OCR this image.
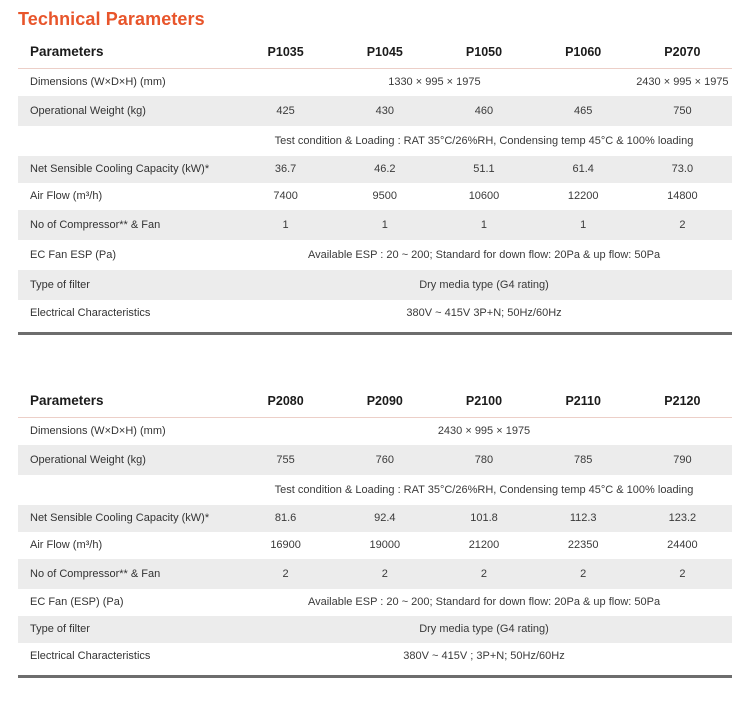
Technical Parameters
Parameters	P1035	P1045	P1050	P1060	P2070
Dimensions (W×D×H) (mm)	1330 × 995 × 1975				2430 × 995 × 1975
Operational Weight (kg)	425	430	460	465	750
	Test condition & Loading : RAT 35°C/26%RH, Condensing temp 45°C & 100% loading				
Net Sensible Cooling Capacity (kW)*	36.7	46.2	51.1	61.4	73.0
Air Flow (m³/h)	7400	9500	10600	12200	14800
No of Compressor** & Fan	1	1	1	1	2
EC Fan ESP (Pa)	Available ESP : 20 ~ 200; Standard for down flow: 20Pa & up flow: 50Pa				
Type of filter	Dry media type (G4 rating)				
Electrical Characteristics	380V ~ 415V 3P+N; 50Hz/60Hz				
Parameters	P2080	P2090	P2100	P2110	P2120
Dimensions (W×D×H) (mm)	2430 × 995 × 1975				
Operational Weight (kg)	755	760	780	785	790
	Test condition & Loading : RAT 35°C/26%RH, Condensing temp 45°C & 100% loading				
Net Sensible Cooling Capacity (kW)*	81.6	92.4	101.8	112.3	123.2
Air Flow (m³/h)	16900	19000	21200	22350	24400
No of Compressor** & Fan	2	2	2	2	2
EC Fan (ESP) (Pa)	Available ESP : 20 ~ 200; Standard for down flow: 20Pa & up flow: 50Pa				
Type of filter	Dry media type (G4 rating)				
Electrical Characteristics	380V ~ 415V ; 3P+N; 50Hz/60Hz				
